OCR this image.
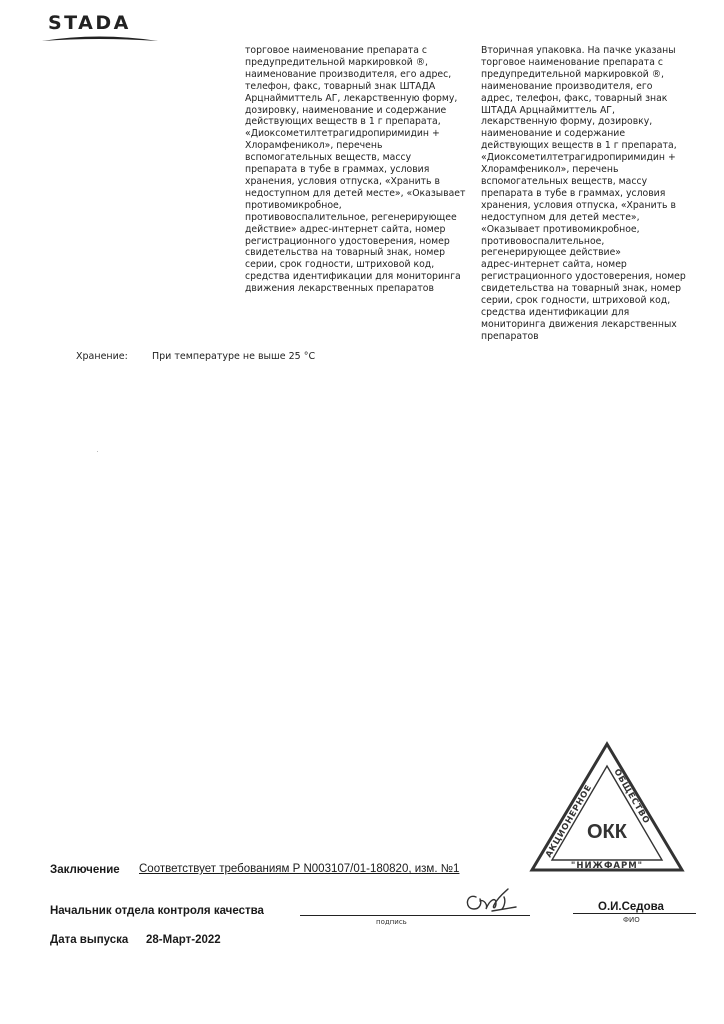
STADA
торговое наименование препарата с
предупредительной маркировкой ®,
наименование производителя, его адрес,
телефон, факс, товарный знак ШТАДА
Арцнаймиттель АГ, лекарственную форму,
дозировку, наименование и содержание
действующих веществ в 1 г препарата,
«Диоксометилтетрагидропиримидин +
Хлорамфеникол», перечень
вспомогательных веществ, массу
препарата в тубе в граммах, условия
хранения, условия отпуска, «Хранить в
недоступном для детей месте», «Оказывает
противомикробное,
противовоспалительное, регенерирующее
действие» адрес-интернет сайта, номер
регистрационного удостоверения, номер
свидетельства на товарный знак, номер
серии, срок годности, штриховой код,
средства идентификации для мониторинга
движения лекарственных препаратов
Вторичная упаковка. На пачке указаны
торговое наименование препарата с
предупредительной маркировкой ®,
наименование производителя, его
адрес, телефон, факс, товарный знак
ШТАДА Арцнаймиттель АГ,
лекарственную форму, дозировку,
наименование и содержание
действующих веществ в 1 г препарата,
«Диоксометилтетрагидропиримидин +
Хлорамфеникол», перечень
вспомогательных веществ, массу
препарата в тубе в граммах, условия
хранения, условия отпуска, «Хранить в
недоступном для детей месте»,
«Оказывает противомикробное,
противовоспалительное,
регенерирующее действие»
адрес-интернет сайта, номер
регистрационного удостоверения, номер
свидетельства на товарный знак, номер
серии, срок годности, штриховой код,
средства идентификации для
мониторинга движения лекарственных
препаратов
Хранение:	При температуре не выше 25 °C
АКЦИОНЕРНОЕ
ОБЩЕСТВО
ОКК
"НИЖФАРМ"
Заключение Соответствует требованиям Р N003107/01-180820, изм. №1
Начальник отдела контроля качества
подпись
О.И.Седова
ФИО
Дата выпуска 28-Март-2022
